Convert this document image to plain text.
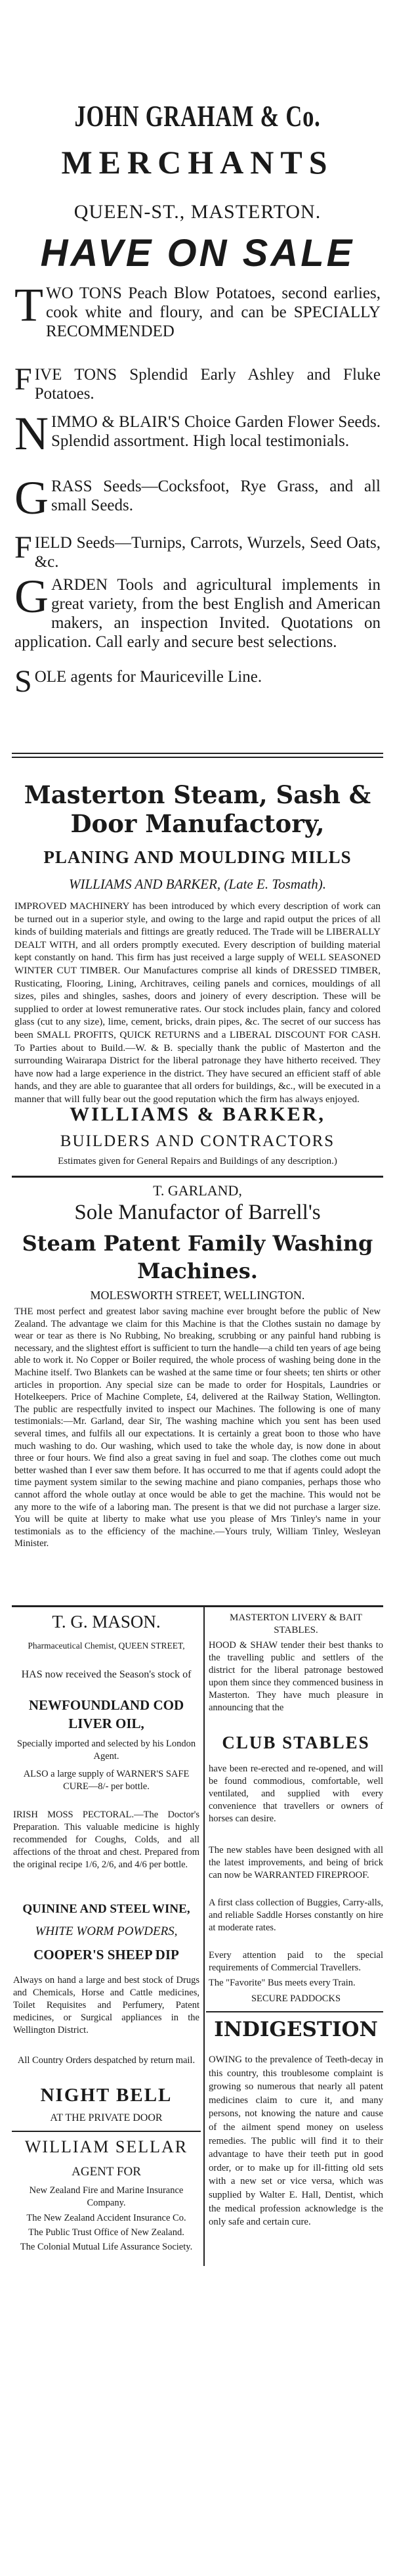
JOHN GRAHAM & Co.
MERCHANTS
QUEEN-ST., MASTERTON.
HAVE ON SALE
T WO TONS Peach Blow Potatoes, second earlies, cook white and floury, and can be SPECIALLY RECOMMENDED
F IVE TONS Splendid Early Ashley and Fluke Potatoes.
N IMMO & BLAIR'S Choice Garden Flower Seeds. Splendid assortment. High local testimonials.
G RASS Seeds—Cocksfoot, Rye Grass, and all small Seeds.
F IELD Seeds—Turnips, Carrots, Wurzels, Seed Oats, &c.
G ARDEN Tools and agricultural implements in great variety, from the best English and American makers, an inspection Invited. Quotations on application. Call early and secure best selections.
S OLE agents for Mauriceville Line.
Masterton Steam, Sash & Door Manufactory,
PLANING AND MOULDING MILLS
WILLIAMS AND BARKER, (Late E. Tosmath).
IMPROVED MACHINERY has been introduced by which every description of work can be turned out in a superior style, and owing to the large and rapid output the prices of all kinds of building materials and fittings are greatly reduced. The Trade will be LIBERALLY DEALT WITH, and all orders promptly executed. Every description of building material kept constantly on hand. This firm has just received a large supply of WELL SEASONED WINTER CUT TIMBER. Our Manufactures comprise all kinds of DRESSED TIMBER, Rusticating, Flooring, Lining, Architraves, ceiling panels and cornices, mouldings of all sizes, piles and shingles, sashes, doors and joinery of every description. These will be supplied to order at lowest remunerative rates. Our stock includes plain, fancy and colored glass (cut to any size), lime, cement, bricks, drain pipes, &c. The secret of our success has been SMALL PROFITS, QUICK RETURNS and a LIBERAL DISCOUNT FOR CASH. To Parties about to Build.—W. & B. specially thank the public of Masterton and the surrounding Wairarapa District for the liberal patronage they have hitherto received. They have now had a large experience in the district. They have secured an efficient staff of able hands, and they are able to guarantee that all orders for buildings, &c., will be executed in a manner that will fully bear out the good reputation which the firm has always enjoyed.
WILLIAMS & BARKER,
BUILDERS AND CONTRACTORS
Estimates given for General Repairs and Buildings of any description.)
T. GARLAND,
Sole Manufactor of Barrell's
Steam Patent Family Washing Machines.
MOLESWORTH STREET, WELLINGTON.
THE most perfect and greatest labor saving machine ever brought before the public of New Zealand. The advantage we claim for this Machine is that the Clothes sustain no damage by wear or tear as there is No Rubbing, No breaking, scrubbing or any painful hand rubbing is necessary, and the slightest effort is sufficient to turn the handle—a child ten years of age being able to work it. No Copper or Boiler required, the whole process of washing being done in the Machine itself. Two Blankets can be washed at the same time or four sheets; ten shirts or other articles in proportion. Any special size can be made to order for Hospitals, Laundries or Hotelkeepers. Price of Machine Complete, £4, delivered at the Railway Station, Wellington. The public are respectfully invited to inspect our Machines. The following is one of many testimonials:—Mr. Garland, dear Sir, The washing machine which you sent has been used several times, and fulfils all our expectations. It is certainly a great boon to those who have much washing to do. Our washing, which used to take the whole day, is now done in about three or four hours. We find also a great saving in fuel and soap. The clothes come out much better washed than I ever saw them before. It has occurred to me that if agents could adopt the time payment system similar to the sewing machine and piano companies, perhaps those who cannot afford the whole outlay at once would be able to get the machine. This would not be any more to the wife of a laboring man. The present is that we did not purchase a larger size. You will be quite at liberty to make what use you please of Mrs Tinley's name in your testimonials as to the efficiency of the machine.—Yours truly, William Tinley, Wesleyan Minister.
T. G. MASON.
Pharmaceutical Chemist, QUEEN STREET,
HAS now received the Season's stock of
NEWFOUNDLAND COD LIVER OIL,
Specially imported and selected by his London Agent.
ALSO a large supply of WARNER'S SAFE CURE—8/- per bottle.
IRISH MOSS PECTORAL.—The Doctor's Preparation. This valuable medicine is highly recommended for Coughs, Colds, and all affections of the throat and chest. Prepared from the original recipe 1/6, 2/6, and 4/6 per bottle.
QUININE AND STEEL WINE,
WHITE WORM POWDERS,
COOPER'S SHEEP DIP
Always on hand a large and best stock of Drugs and Chemicals, Horse and Cattle medicines, Toilet Requisites and Perfumery, Patent medicines, or Surgical appliances in the Wellington District.
All Country Orders despatched by return mail.
NIGHT BELL
AT THE PRIVATE DOOR
WILLIAM SELLAR
AGENT FOR
New Zealand Fire and Marine Insurance Company.
The New Zealand Accident Insurance Co.
The Public Trust Office of New Zealand.
The Colonial Mutual Life Assurance Society.
MASTERTON LIVERY & BAIT STABLES.
HOOD & SHAW tender their best thanks to the travelling public and settlers of the district for the liberal patronage bestowed upon them since they commenced business in Masterton. They have much pleasure in announcing that the
CLUB STABLES
have been re-erected and re-opened, and will be found commodious, comfortable, well ventilated, and supplied with every convenience that travellers or owners of horses can desire.
The new stables have been designed with all the latest improvements, and being of brick can now be WARRANTED FIREPROOF.
A first class collection of Buggies, Carry-alls, and reliable Saddle Horses constantly on hire at moderate rates.
Every attention paid to the special requirements of Commercial Travellers.
The "Favorite" Bus meets every Train.
SECURE PADDOCKS
INDIGESTION
OWING to the prevalence of Teeth-decay in this country, this troublesome complaint is growing so numerous that nearly all patent medicines claim to cure it, and many persons, not knowing the nature and cause of the ailment spend money on useless remedies. The public will find it to their advantage to have their teeth put in good order, or to make up for ill-fitting old sets with a new set or vice versa, which was supplied by Walter E. Hall, Dentist, which the medical profession acknowledge is the only safe and certain cure.
